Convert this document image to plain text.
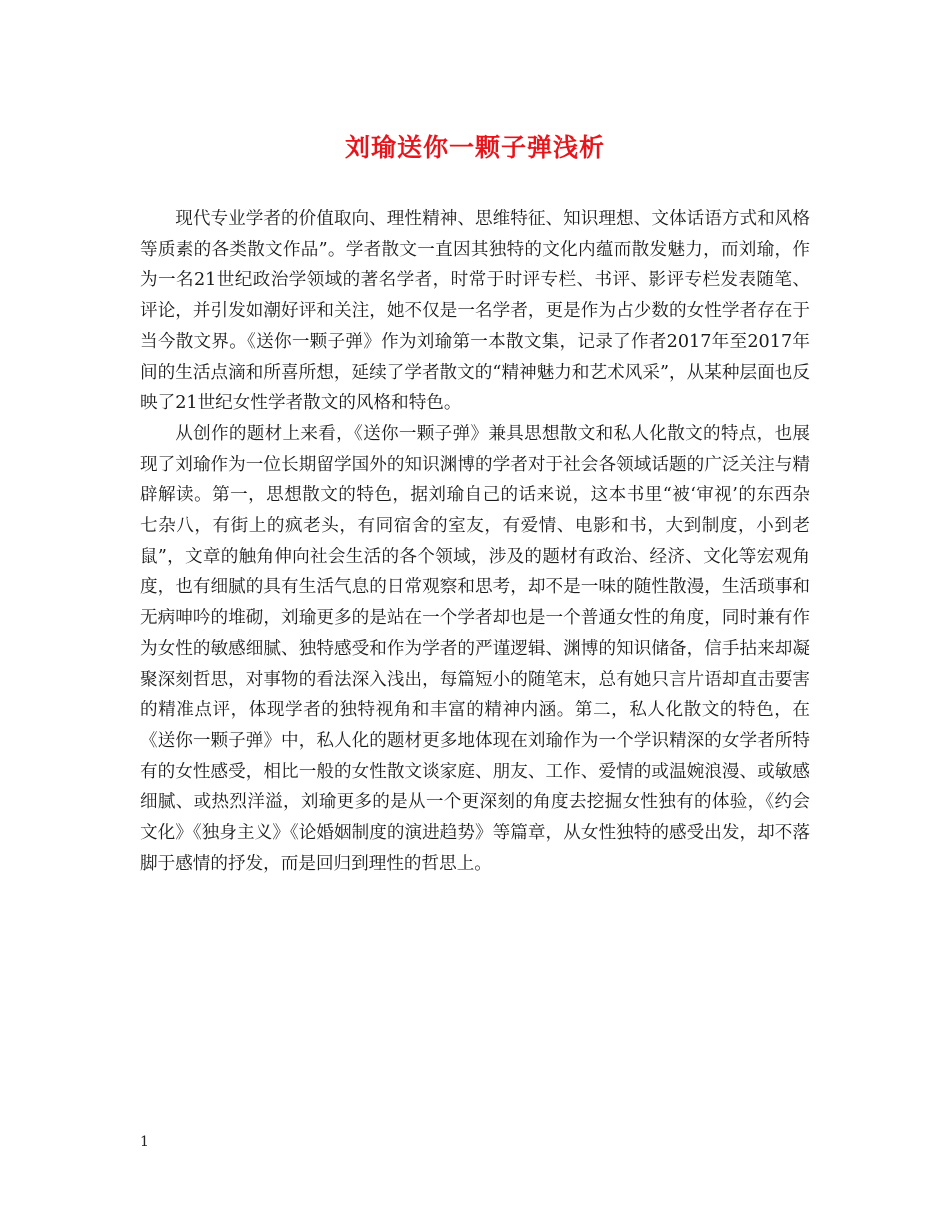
刘瑜送你一颗子弹浅析

现代专业学者的价值取向、理性精神、思维特征、知识理想、文体话语方式和风格等质素的各类散文作品”。学者散文一直因其独特的文化内蕴而散发魅力，而刘瑜，作为一名21世纪政治学领域的著名学者，时常于时评专栏、书评、影评专栏发表随笔、评论，并引发如潮好评和关注，她不仅是一名学者，更是作为占少数的女性学者存在于当今散文界。《送你一颗子弹》作为刘瑜第一本散文集，记录了作者2017年至2017年间的生活点滴和所喜所想，延续了学者散文的“精神魅力和艺术风采”，从某种层面也反映了21世纪女性学者散文的风格和特色。

从创作的题材上来看，《送你一颗子弹》兼具思想散文和私人化散文的特点，也展现了刘瑜作为一位长期留学国外的知识渊博的学者对于社会各领域话题的广泛关注与精辟解读。第一，思想散文的特色，据刘瑜自己的话来说，这本书里“被‘审视’的东西杂七杂八，有街上的疯老头，有同宿舍的室友，有爱情、电影和书，大到制度，小到老鼠”，文章的触角伸向社会生活的各个领域，涉及的题材有政治、经济、文化等宏观角度，也有细腻的具有生活气息的日常观察和思考，却不是一味的随性散漫，生活琐事和无病呻吟的堆砌，刘瑜更多的是站在一个学者却也是一个普通女性的角度，同时兼有作为女性的敏感细腻、独特感受和作为学者的严谨逻辑、渊博的知识储备，信手拈来却凝聚深刻哲思，对事物的看法深入浅出，每篇短小的随笔末，总有她只言片语却直击要害的精准点评，体现学者的独特视角和丰富的精神内涵。第二，私人化散文的特色，在《送你一颗子弹》中，私人化的题材更多地体现在刘瑜作为一个学识精深的女学者所特有的女性感受，相比一般的女性散文谈家庭、朋友、工作、爱情的或温婉浪漫、或敏感细腻、或热烈洋溢，刘瑜更多的是从一个更深刻的角度去挖掘女性独有的体验，《约会文化》《独身主义》《论婚姻制度的演进趋势》等篇章，从女性独特的感受出发，却不落脚于感情的抒发，而是回归到理性的哲思上。

1
